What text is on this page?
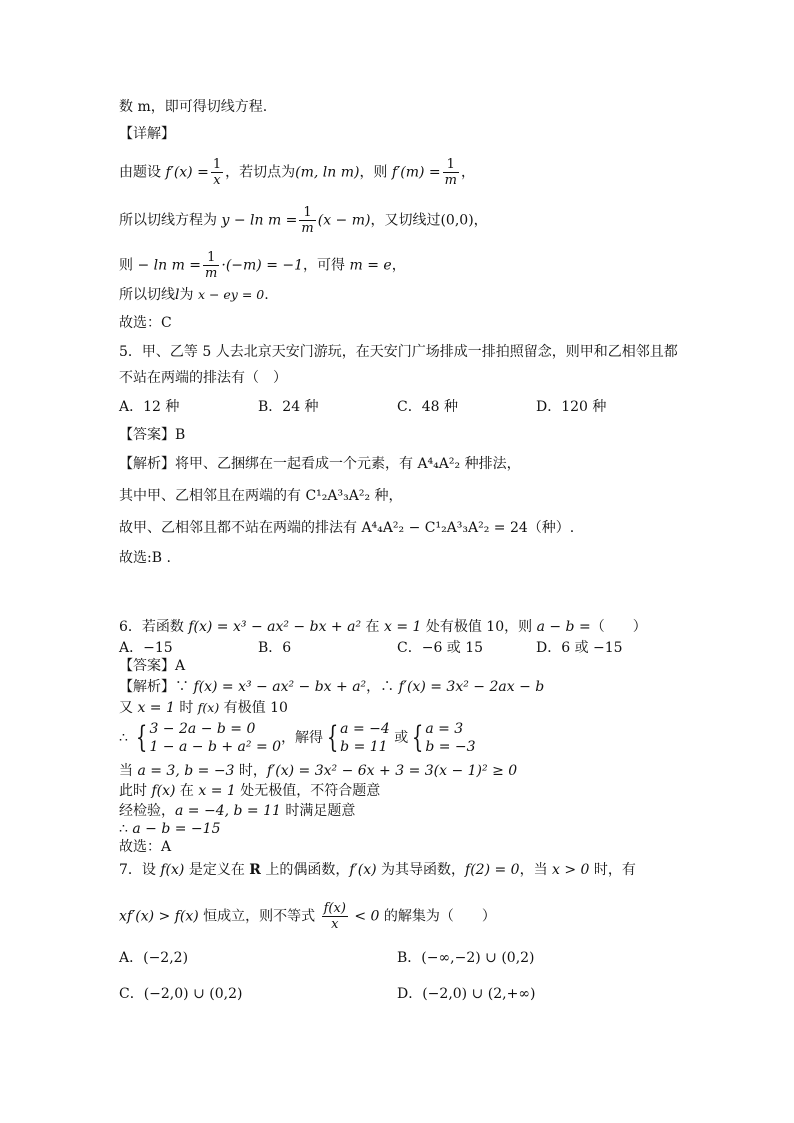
数 m，即可得切线方程.
【详解】
由题设 $f'(x) = \frac{1}{x}$ ，若切点为(m, ln m)，则 $f'(m) = \frac{1}{m}$ ，
所以切线方程为 $y - \ln m = \frac{1}{m} (x - m)$，又切线过(0,0)，
则 − $\ln m = \frac{1}{m} \cdot(-m) = -1$，可得 m = e，
所以切线l为 x − ey = 0.
故选：C
5．甲、乙等 5 人去北京天安门游玩，在天安门广场排成一排拍照留念，则甲和乙相邻且都
不站在两端的排法有（　）
A．12 种	B．24 种	C．48 种	D．120 种
【答案】B
【解析】将甲、乙捆绑在一起看成一个元素，有 A⁴₄A²₂ 种排法，
其中甲、乙相邻且在两端的有 C¹₂A³₃A²₂ 种，
故甲、乙相邻且都不站在两端的排法有 A⁴₄A²₂ − C¹₂A³₃A²₂ = 24（种）.
故选:B .
6．若函数 f(x) = x³ − ax² − bx + a² 在 x = 1 处有极值 10，则 a − b =（　　）
A．−15	B．6	C．−6 或 15	D．6 或 −15
【答案】A
【解析】∵ f(x) = x³ − ax² − bx + a²，∴ f′(x) = 3x² − 2ax − b
又 x = 1 时 f(x) 有极值 10
∴ { 3 − 2a − b = 0
1 − a − b + a² = 0
，解得 { a = −4
b = 11
或 { a = 3
b = −3
当 a = 3, b = −3 时，f′(x) = 3x² − 6x + 3 = 3(x − 1)² ≥ 0
此时 f(x) 在 x = 1 处无极值，不符合题意
经检验，a = −4, b = 11 时满足题意
∴ a − b = −15
故选：A
7．设 f(x) 是定义在 R 上的偶函数，f′(x) 为其导函数，f(2) = 0，当 x > 0 时，有
xf′(x) > f(x) 恒成立，则不等式 $\frac{f(x)}{x} < 0$ 的解集为（　　）
A．(−2,2)	B．(−∞,−2) ∪ (0,2)
C．(−2,0) ∪ (0,2)	D．(−2,0) ∪ (2,+∞)
